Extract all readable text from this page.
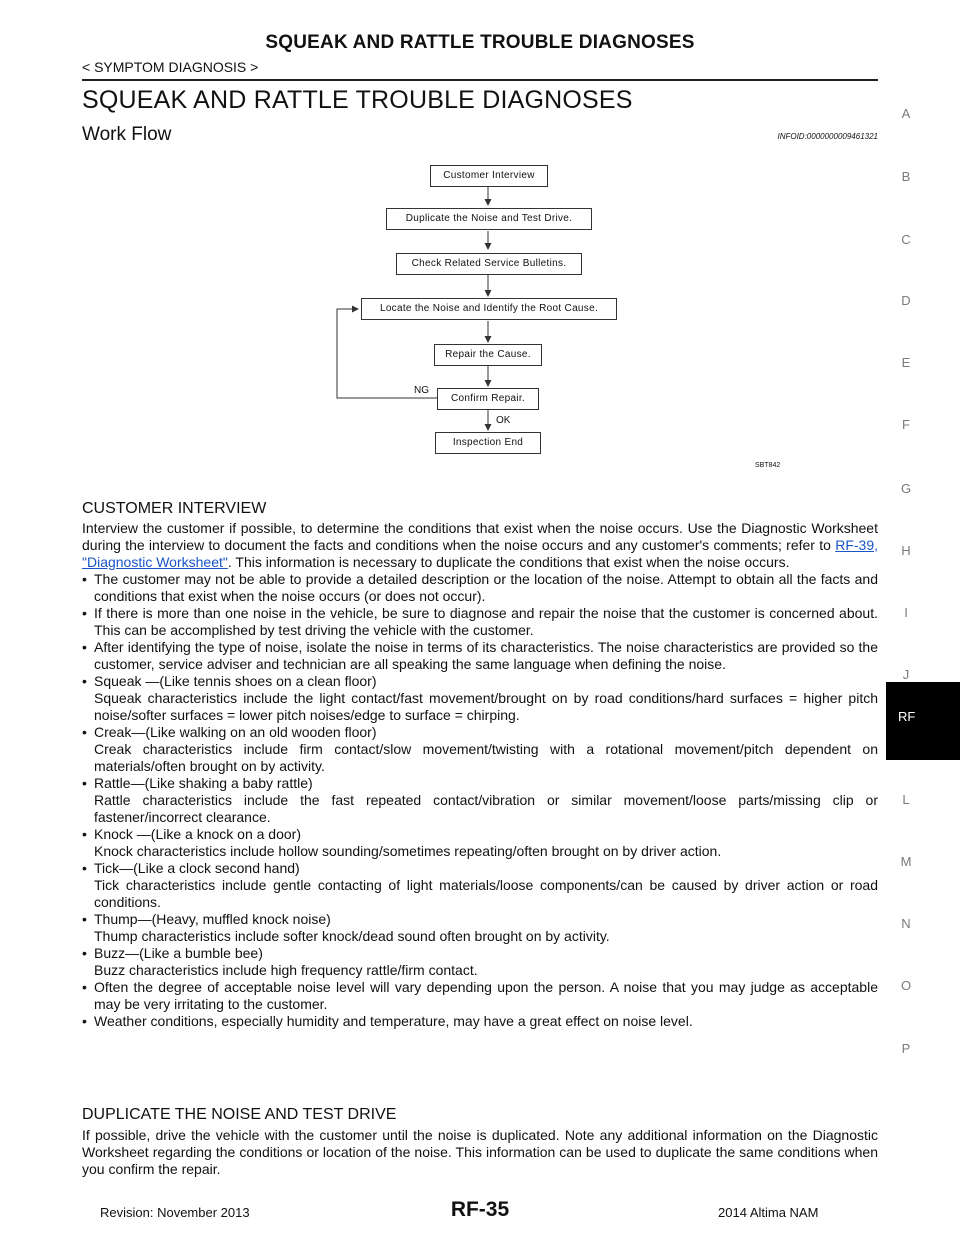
SQUEAK AND RATTLE TROUBLE DIAGNOSES
< SYMPTOM DIAGNOSIS >
SQUEAK AND RATTLE TROUBLE DIAGNOSES
Work Flow	INFOID:0000000009461321
A
B
C
D
E
F
G
H
I
J
RF
L
M
N
O
P
Customer Interview
Duplicate the Noise and Test Drive.
Check Related Service Bulletins.
Locate the Noise and Identify the Root Cause.
Repair the Cause.
Confirm Repair.
Inspection End
NG
OK
SBT842
CUSTOMER INTERVIEW

Interview the customer if possible, to determine the conditions that exist when the noise occurs. Use the Diagnostic Worksheet during the interview to document the facts and conditions when the noise occurs and any customer's comments; refer to RF-39, "Diagnostic Worksheet". This information is necessary to duplicate the conditions that exist when the noise occurs.

• The customer may not be able to provide a detailed description or the location of the noise. Attempt to obtain all the facts and conditions that exist when the noise occurs (or does not occur).

• If there is more than one noise in the vehicle, be sure to diagnose and repair the noise that the customer is concerned about. This can be accomplished by test driving the vehicle with the customer.

• After identifying the type of noise, isolate the noise in terms of its characteristics. The noise characteristics are provided so the customer, service adviser and technician are all speaking the same language when defining the noise.

• Squeak —(Like tennis shoes on a clean floor)
Squeak characteristics include the light contact/fast movement/brought on by road conditions/hard surfaces = higher pitch noise/softer surfaces = lower pitch noises/edge to surface = chirping.

• Creak—(Like walking on an old wooden floor)
Creak characteristics include firm contact/slow movement/twisting with a rotational movement/pitch dependent on materials/often brought on by activity.

• Rattle—(Like shaking a baby rattle)
Rattle characteristics include the fast repeated contact/vibration or similar movement/loose parts/missing clip or fastener/incorrect clearance.

• Knock —(Like a knock on a door)
Knock characteristics include hollow sounding/sometimes repeating/often brought on by driver action.

• Tick—(Like a clock second hand)
Tick characteristics include gentle contacting of light materials/loose components/can be caused by driver action or road conditions.

• Thump—(Heavy, muffled knock noise)
Thump characteristics include softer knock/dead sound often brought on by activity.

• Buzz—(Like a bumble bee)
Buzz characteristics include high frequency rattle/firm contact.

• Often the degree of acceptable noise level will vary depending upon the person. A noise that you may judge as acceptable may be very irritating to the customer.

• Weather conditions, especially humidity and temperature, may have a great effect on noise level.

DUPLICATE THE NOISE AND TEST DRIVE

If possible, drive the vehicle with the customer until the noise is duplicated. Note any additional information on the Diagnostic Worksheet regarding the conditions or location of the noise. This information can be used to duplicate the same conditions when you confirm the repair.

Revision: November 2013	RF-35	2014 Altima NAM
